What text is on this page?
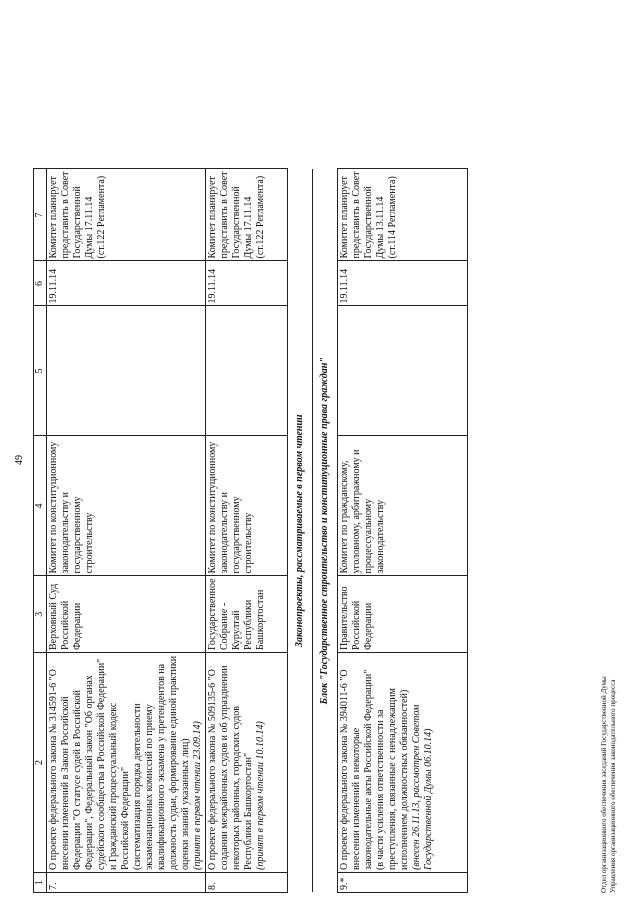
49
1	2	3	4	5	6	7
7.	О проекте федерального закона № 314591-6 "О внесении изменений в Закон Российской Федерации "О статусе судей в Российской Федерации", Федеральный закон "Об органах судейского сообщества в Российской Федерации" и Гражданский процессуальный кодекс Российской Федерации" (систематизация порядка деятельности экзаменационных комиссий по приему квалификационного экзамена у претендентов на должность судьи, формирование единой практики оценки знаний указанных лиц) (принят в первом чтении 23.09.14)	Верховный Суд Российской Федерации	Комитет по конституционному законодательству и государственному строительству		19.11.14	Комитет планирует представить в Совет Государственной Думы 17.11.14 (ст.122 Регламента)
8.	О проекте федерального закона № 509135-6 "О создании межрайонных судов и об упразднении некоторых районных, городских судов Республики Башкортостан" (принят в первом чтении 10.10.14)	Государственное Собрание - Курултай Республики Башкортостан	Комитет по конституционному законодательству и государственному строительству		19.11.14	Комитет планирует представить в Совет Государственной Думы 17.11.14 (ст.122 Регламента)
Законопроекты, рассматриваемые в первом чтении						
Блок "Государственное строительство и конституционные права граждан"						
9.*	О проекте федерального закона № 394011-6 "О внесении изменений в некоторые законодательные акты Российской Федерации" (в части усиления ответственности за преступления, связанные с ненадлежащим исполнением должностных обязанностей) (внесен 26.11.13, рассмотрен Советом Государственной Думы 06.10.14)	Правительство Российской Федерации	Комитет по гражданскому, уголовному, арбитражному и процессуальному законодательству		19.11.14	Комитет планирует представить в Совет Государственной Думы 13.11.14 (ст.114 Регламента)
Отдел организационного обеспечения заседаний Государственной Думы Управления организационного обеспечения законодательного процесса
